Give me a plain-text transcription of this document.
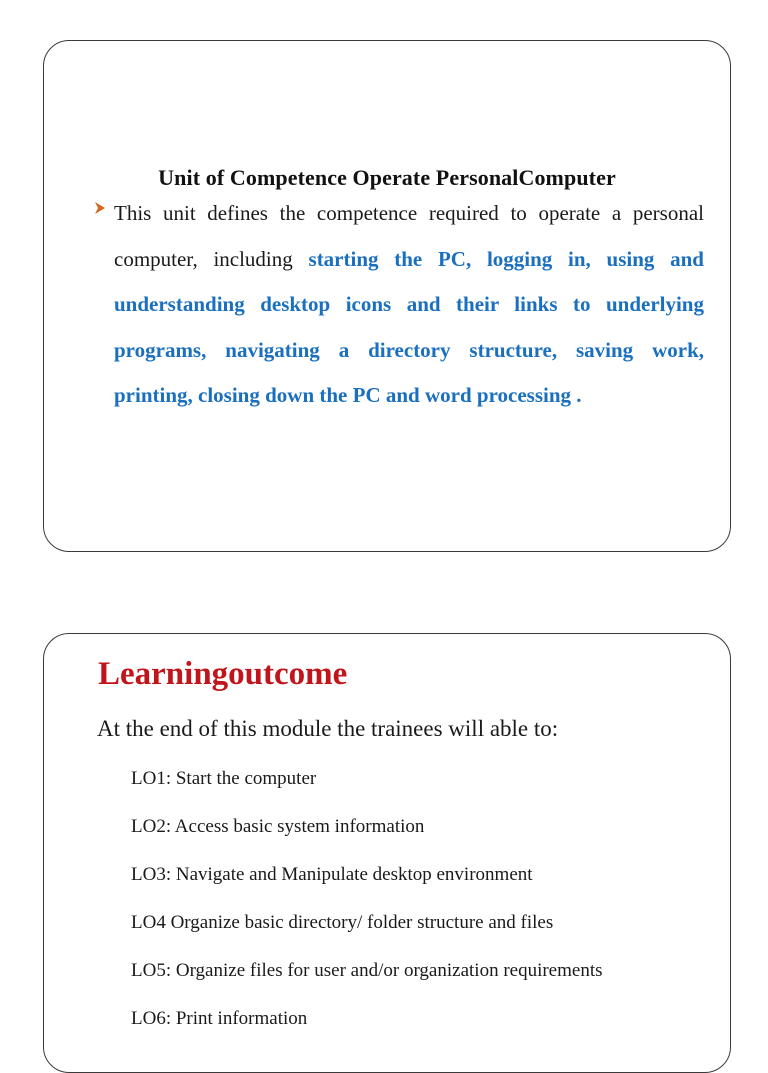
Unit of Competence Operate PersonalComputer
This unit defines the competence required to operate a personal computer, including starting the PC, logging in, using and understanding desktop icons and their links to underlying programs, navigating a directory structure, saving work, printing, closing down the PC and word processing .
Learningoutcome
At the end of this module the trainees will able to:
LO1: Start the computer
LO2: Access basic system information
LO3: Navigate and Manipulate desktop environment
LO4 Organize basic directory/ folder structure and files
LO5: Organize files for user and/or organization requirements
LO6: Print information
